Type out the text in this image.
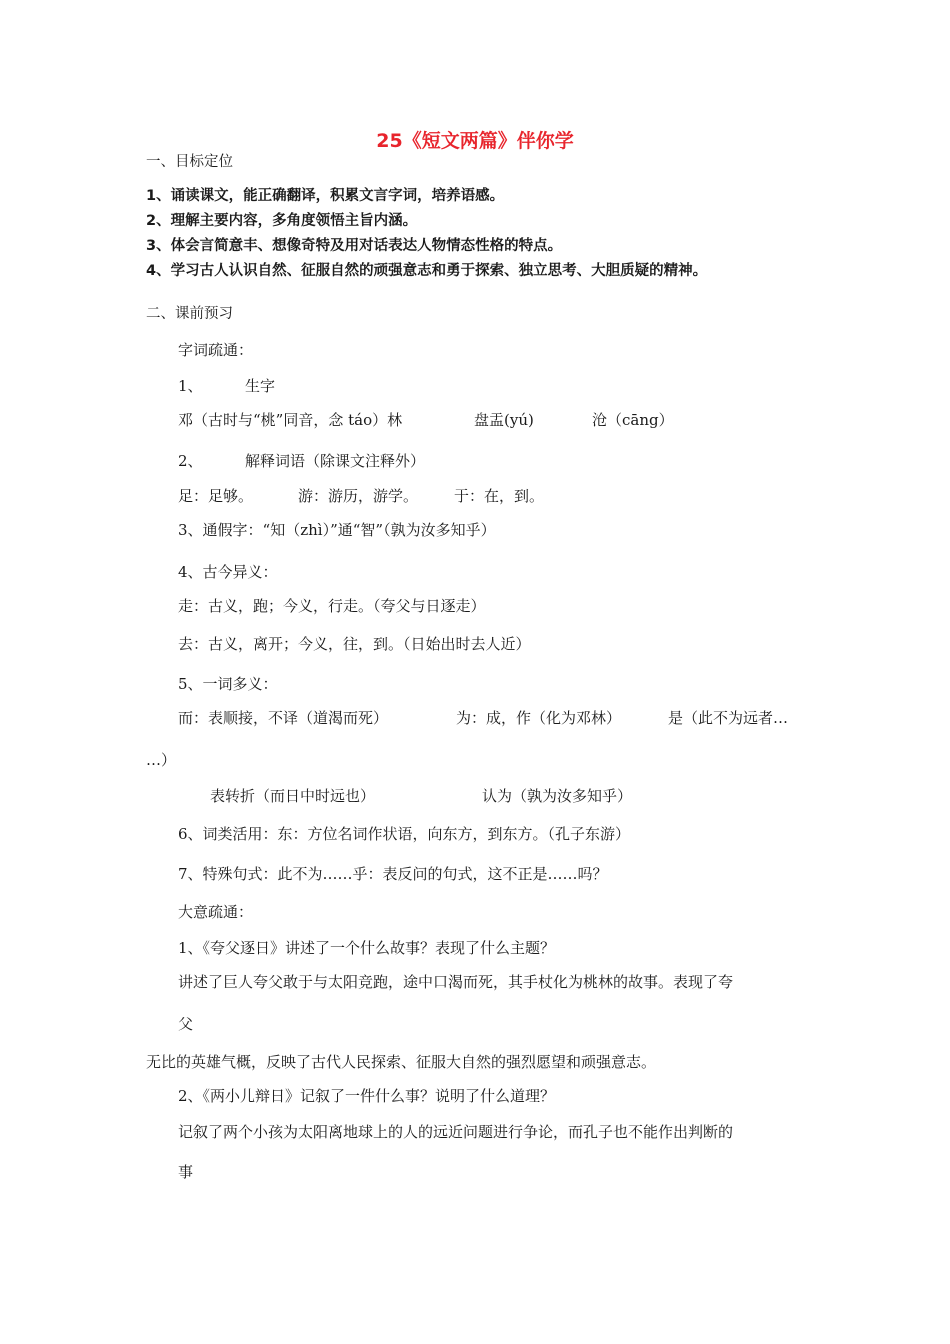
25《短文两篇》伴你学
一、目标定位
1、诵读课文，能正确翻译，积累文言字词，培养语感。
2、理解主要内容，多角度领悟主旨内涵。
3、体会言简意丰、想像奇特及用对话表达人物情态性格的特点。
4、学习古人认识自然、征服自然的顽强意志和勇于探索、独立思考、大胆质疑的精神。
二、课前预习
字词疏通：
1、	生字
邓（古时与“桃”同音，念 táo）林	盘盂(yú)	沧（cāng）
2、	解释词语（除课文注释外）
足：足够。	游：游历，游学。 于：在，到。
3、通假字：“知（zhì）”通“智”（孰为汝多知乎）
4、古今异义：
走：古义，跑；今义，行走。（夸父与日逐走）
去：古义，离开；今义，往，到。（日始出时去人近）
5、一词多义：
而：表顺接，不译（道渴而死）	为：成，作（化为邓林）	是（此不为远者…
…）
表转折（而日中时远也）	认为（孰为汝多知乎）
6、词类活用：东：方位名词作状语，向东方，到东方。（孔子东游）
7、特殊句式：此不为……乎：表反问的句式，这不正是……吗？
大意疏通：
1、《夸父逐日》讲述了一个什么故事？表现了什么主题？
讲述了巨人夸父敢于与太阳竞跑，途中口渴而死，其手杖化为桃林的故事。表现了夸
父
无比的英雄气概，反映了古代人民探索、征服大自然的强烈愿望和顽强意志。
2、《两小儿辩日》记叙了一件什么事？说明了什么道理？
记叙了两个小孩为太阳离地球上的人的远近问题进行争论，而孔子也不能作出判断的
事
